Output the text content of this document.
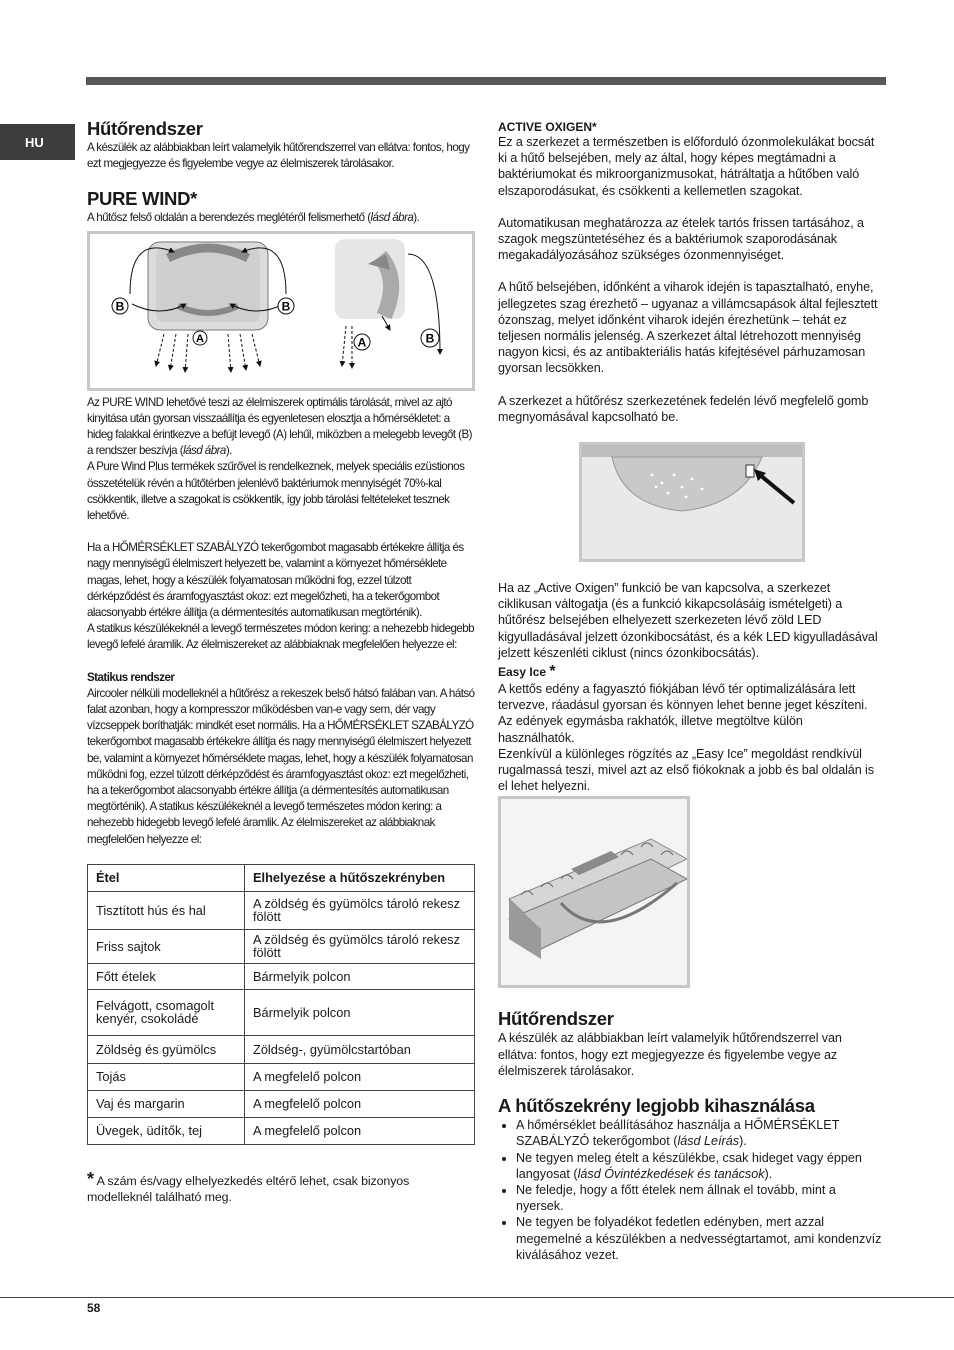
HU
Hűtőrendszer

A készülék az alábbiakban leírt valamelyik hűtőrendszerrel van ellátva: fontos, hogy ezt megjegyezze és figyelembe vegye az élelmiszerek tárolásakor.

PURE WIND*

A hűtősz felső oldalán a berendezés meglétéről felismerhető (lásd ábra).

B	B
A	A	B

Az PURE WIND lehetővé teszi az élelmiszerek optimális tárolását, mivel az ajtó kinyitása után gyorsan visszaállítja és egyenletesen elosztja a hőmérsékletet: a hideg falakkal érintkezve a befújt levegő (A) lehűl, miközben a melegebb levegőt (B) a rendszer beszívja (lásd ábra).

A Pure Wind Plus termékek szűrővel is rendelkeznek, melyek speciális ezüstionos összetételük révén a hűtőtérben jelenlévő baktériumok mennyiségét 70%-kal csökkentik, illetve a szagokat is csökkentik, így jobb tárolási feltételeket tesznek lehetővé.

Ha a HŐMÉRSÉKLET SZABÁLYZÓ tekerőgombot magasabb értékekre állítja és nagy mennyiségű élelmiszert helyezett be, valamint a környezet hőmérséklete magas, lehet, hogy a készülék folyamatosan működni fog, ezzel túlzott dérképződést és áramfogyasztást okoz: ezt megelőzheti, ha a tekerőgombot alacsonyabb értékre állítja (a dérmentesítés automatikusan megtörténik).

A statikus készülékeknél a levegő természetes módon kering: a nehezebb hidegebb levegő lefelé áramlik. Az élelmiszereket az alábbiaknak megfelelően helyezze el:

Statikus rendszer

Aircooler nélküli modelleknél a hűtőrész a rekeszek belső hátsó falában van. A hátsó falat azonban, hogy a kompresszor működésben van-e vagy sem, dér vagy vízcseppek boríthatják: mindkét eset normális. Ha a HŐMÉRSÉKLET SZABÁLYZÓ tekerőgombot magasabb értékekre állítja és nagy mennyiségű élelmiszert helyezett be, valamint a környezet hőmérséklete magas, lehet, hogy a készülék folyamatosan működni fog, ezzel túlzott dérképződést és áramfogyasztást okoz: ezt megelőzheti, ha a tekerőgombot alacsonyabb értékre állítja (a dérmentesítés automatikusan megtörténik). A statikus készülékeknél a levegő természetes módon kering: a nehezebb hidegebb levegő lefelé áramlik. Az élelmiszereket az alábbiaknak megfelelően helyezze el:

Étel	Elhelyezése a hűtőszekrényben
Tisztított hús és hal	A zöldség és gyümölcs tároló rekesz fölött
Friss sajtok	A zöldség és gyümölcs tároló rekesz fölött
Főtt ételek	Bármelyik polcon
Felvágott, csomagolt kenyér, csokoládé	Bármelyik polcon
Zöldség és gyümölcs	Zöldség-, gyümölcstartóban
Tojás	A megfelelő polcon
Vaj és margarin	A megfelelő polcon
Üvegek, üdítők, tej	A megfelelő polcon

* A szám és/vagy elhelyezkedés eltérő lehet, csak bizonyos modelleknél található meg.

ACTIVE OXIGEN*

Ez a szerkezet a természetben is előforduló ózonmolekulákat bocsát ki a hűtő belsejében, mely az által, hogy képes megtámadni a baktériumokat és mikroorganizmusokat, hátráltatja a hűtőben való elszaporodásukat, és csökkenti a kellemetlen szagokat.

Automatikusan meghatározza az ételek tartós frissen tartásához, a szagok megszüntetéséhez és a baktériumok szaporodásának megakadályozásához szükséges ózonmennyiséget.

A hűtő belsejében, időnként a viharok idején is tapasztalható, enyhe, jellegzetes szag érezhető – ugyanaz a villámcsapások által fejlesztett ózonszag, melyet időnként viharok idején érezhetünk – tehát ez teljesen normális jelenség. A szerkezet által létrehozott mennyiség nagyon kicsi, és az antibakteriális hatás kifejtésével párhuzamosan gyorsan lecsökken.

A szerkezet a hűtőrész szerkezetének fedelén lévő megfelelő gomb megnyomásával kapcsolható be.

Ha az „Active Oxigen” funkció be van kapcsolva, a szerkezet ciklikusan váltogatja (és a funkció kikapcsolásáig ismételgeti) a hűtőrész belsejében elhelyezett szerkezeten lévő zöld LED kigyulladásával jelzett ózonkibocsátást, és a kék LED kigyulladásával jelzett készenléti ciklust (nincs ózonkibocsátás).

Easy Ice *

A kettős edény a fagyasztó fiókjában lévő tér optimalizálására lett tervezve, ráadásul gyorsan és könnyen lehet benne jeget készíteni. Az edények egymásba rakhatók, illetve megtöltve külön használhatók.

Ezenkívül a különleges rögzítés az „Easy Ice” megoldást rendkívül rugalmassá teszi, mivel azt az első fiókoknak a jobb és bal oldalán is el lehet helyezni.

Hűtőrendszer

A készülék az alábbiakban leírt valamelyik hűtőrendszerrel van ellátva: fontos, hogy ezt megjegyezze és figyelembe vegye az élelmiszerek tárolásakor.

A hűtőszekrény legjobb kihasználása
• A hőmérséklet beállításához használja a HŐMÉRSÉKLET SZABÁLYZÓ tekerőgombot (lásd Leírás).
• Ne tegyen meleg ételt a készülékbe, csak hideget vagy éppen langyosat (lásd Óvintézkedések és tanácsok).
• Ne feledje, hogy a főtt ételek nem állnak el tovább, mint a nyersek.
• Ne tegyen be folyadékot fedetlen edényben, mert azzal megemelné a készülékben a nedvességtartamot, ami kondenzvíz kiválásához vezet.
58
